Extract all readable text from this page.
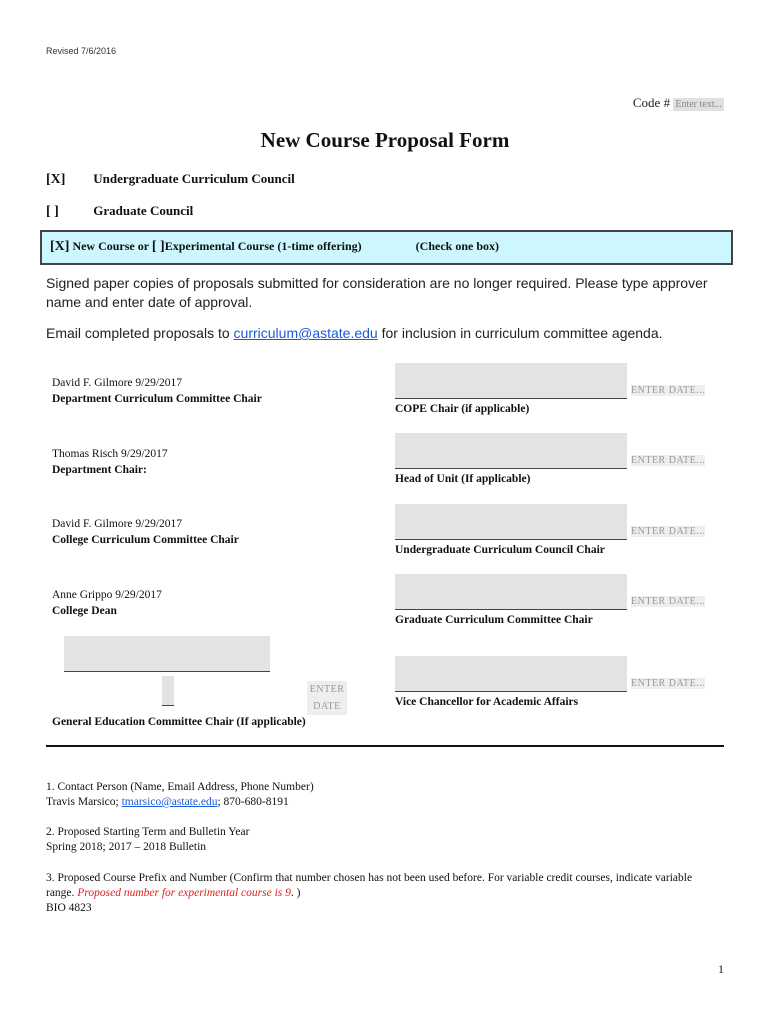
Revised 7/6/2016
Code # Enter text...
New Course Proposal Form
[X] Undergraduate Curriculum Council
[ ]	Graduate Council
[X] New Course or [ ]Experimental Course (1-time offering)	(Check one box)
Signed paper copies of proposals submitted for consideration are no longer required. Please type approver name and enter date of approval.
Email completed proposals to curriculum@astate.edu for inclusion in curriculum committee agenda.
David F. Gilmore 9/29/2017
Department Curriculum Committee Chair
Thomas Risch 9/29/2017
Department Chair:
David F. Gilmore 9/29/2017
College Curriculum Committee Chair
Anne Grippo 9/29/2017
College Dean
ENTER DATE...
COPE Chair (if applicable)
ENTER DATE...
Head of Unit (If applicable)
ENTER DATE...
Undergraduate Curriculum Council Chair
ENTER DATE...
Graduate Curriculum Committee Chair
ENTER DATE...
Vice Chancellor for Academic Affairs
ENTER
DATE
General Education Committee Chair (If applicable)
1. Contact Person (Name, Email Address, Phone Number)
Travis Marsico; tmarsico@astate.edu; 870-680-8191
2. Proposed Starting Term and Bulletin Year
Spring 2018; 2017 – 2018 Bulletin
3. Proposed Course Prefix and Number (Confirm that number chosen has not been used before. For variable credit courses, indicate variable range. Proposed number for experimental course is 9. )
BIO 4823
1
